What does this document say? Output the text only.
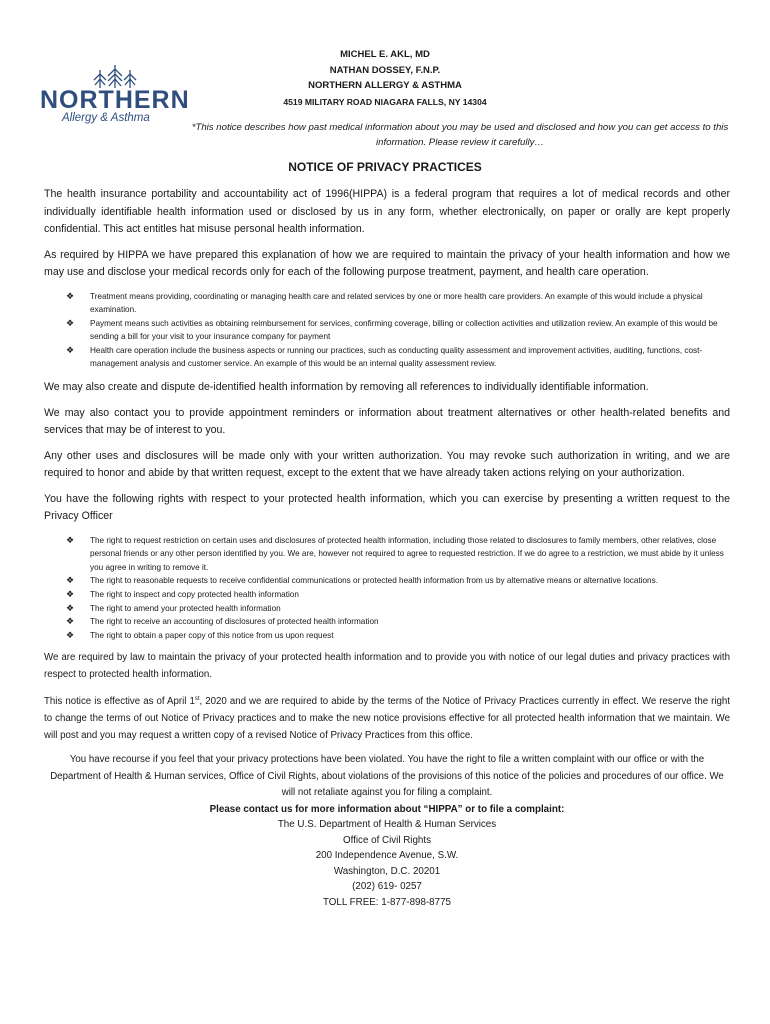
NORTHERN
Allergy & Asthma
MICHEL E. AKL, MD
NATHAN DOSSEY, F.N.P.
NORTHERN ALLERGY & ASTHMA
4519 MILITARY ROAD NIAGARA FALLS, NY 14304
*This notice describes how past medical information about you may be used and disclosed and how you can get access to this information. Please review it carefully…
NOTICE OF PRIVACY PRACTICES

The health insurance portability and accountability act of 1996(HIPPA) is a federal program that requires a lot of medical records and other individually identifiable health information used or disclosed by us in any form, whether electronically, on paper or orally are kept properly confidential. This act entitles hat misuse personal health information.

As required by HIPPA we have prepared this explanation of how we are required to maintain the privacy of your health information and how we may use and disclose your medical records only for each of the following purpose treatment, payment, and health care operation.

❖ Treatment means providing, coordinating or managing health care and related services by one or more health care providers. An example of this would include a physical examination.
❖ Payment means such activities as obtaining reimbursement for services, confirming coverage, billing or collection activities and utilization review. An example of this would be sending a bill for your visit to your insurance company for payment
❖ Health care operation include the business aspects or running our practices, such as conducting quality assessment and improvement activities, auditing, functions, cost-management analysis and customer service. An example of this would be an internal quality assessment review.

We may also create and dispute de-identified health information by removing all references to individually identifiable information.

We may also contact you to provide appointment reminders or information about treatment alternatives or other health-related benefits and services that may be of interest to you.

Any other uses and disclosures will be made only with your written authorization. You may revoke such authorization in writing, and we are required to honor and abide by that written request, except to the extent that we have already taken actions relying on your authorization.

You have the following rights with respect to your protected health information, which you can exercise by presenting a written request to the Privacy Officer

❖ The right to request restriction on certain uses and disclosures of protected health information, including those related to disclosures to family members, other relatives, close personal friends or any other person identified by you. We are, however not required to agree to requested restriction. If we do agree to a restriction, we must abide by it unless you agree in writing to remove it.
❖ The right to reasonable requests to receive confidential communications or protected health information from us by alternative means or alternative locations.
❖ The right to inspect and copy protected health information
❖ The right to amend your protected health information
❖ The right to receive an accounting of disclosures of protected health information
❖ The right to obtain a paper copy of this notice from us upon request

We are required by law to maintain the privacy of your protected health information and to provide you with notice of our legal duties and privacy practices with respect to protected health information.

This notice is effective as of April 1st, 2020 and we are required to abide by the terms of the Notice of Privacy Practices currently in effect. We reserve the right to change the terms of out Notice of Privacy practices and to make the new notice provisions effective for all protected health information that we maintain. We will post and you may request a written copy of a revised Notice of Privacy Practices from this office.

You have recourse if you feel that your privacy protections have been violated. You have the right to file a written complaint with our office or with the Department of Health & Human services, Office of Civil Rights, about violations of the provisions of this notice of the policies and procedures of our office. We will not retaliate against you for filing a complaint.

Please contact us for more information about “HIPPA” or to file a complaint:
The U.S. Department of Health & Human Services
Office of Civil Rights
200 Independence Avenue, S.W.
Washington, D.C. 20201
(202) 619- 0257
TOLL FREE: 1-877-898-8775
